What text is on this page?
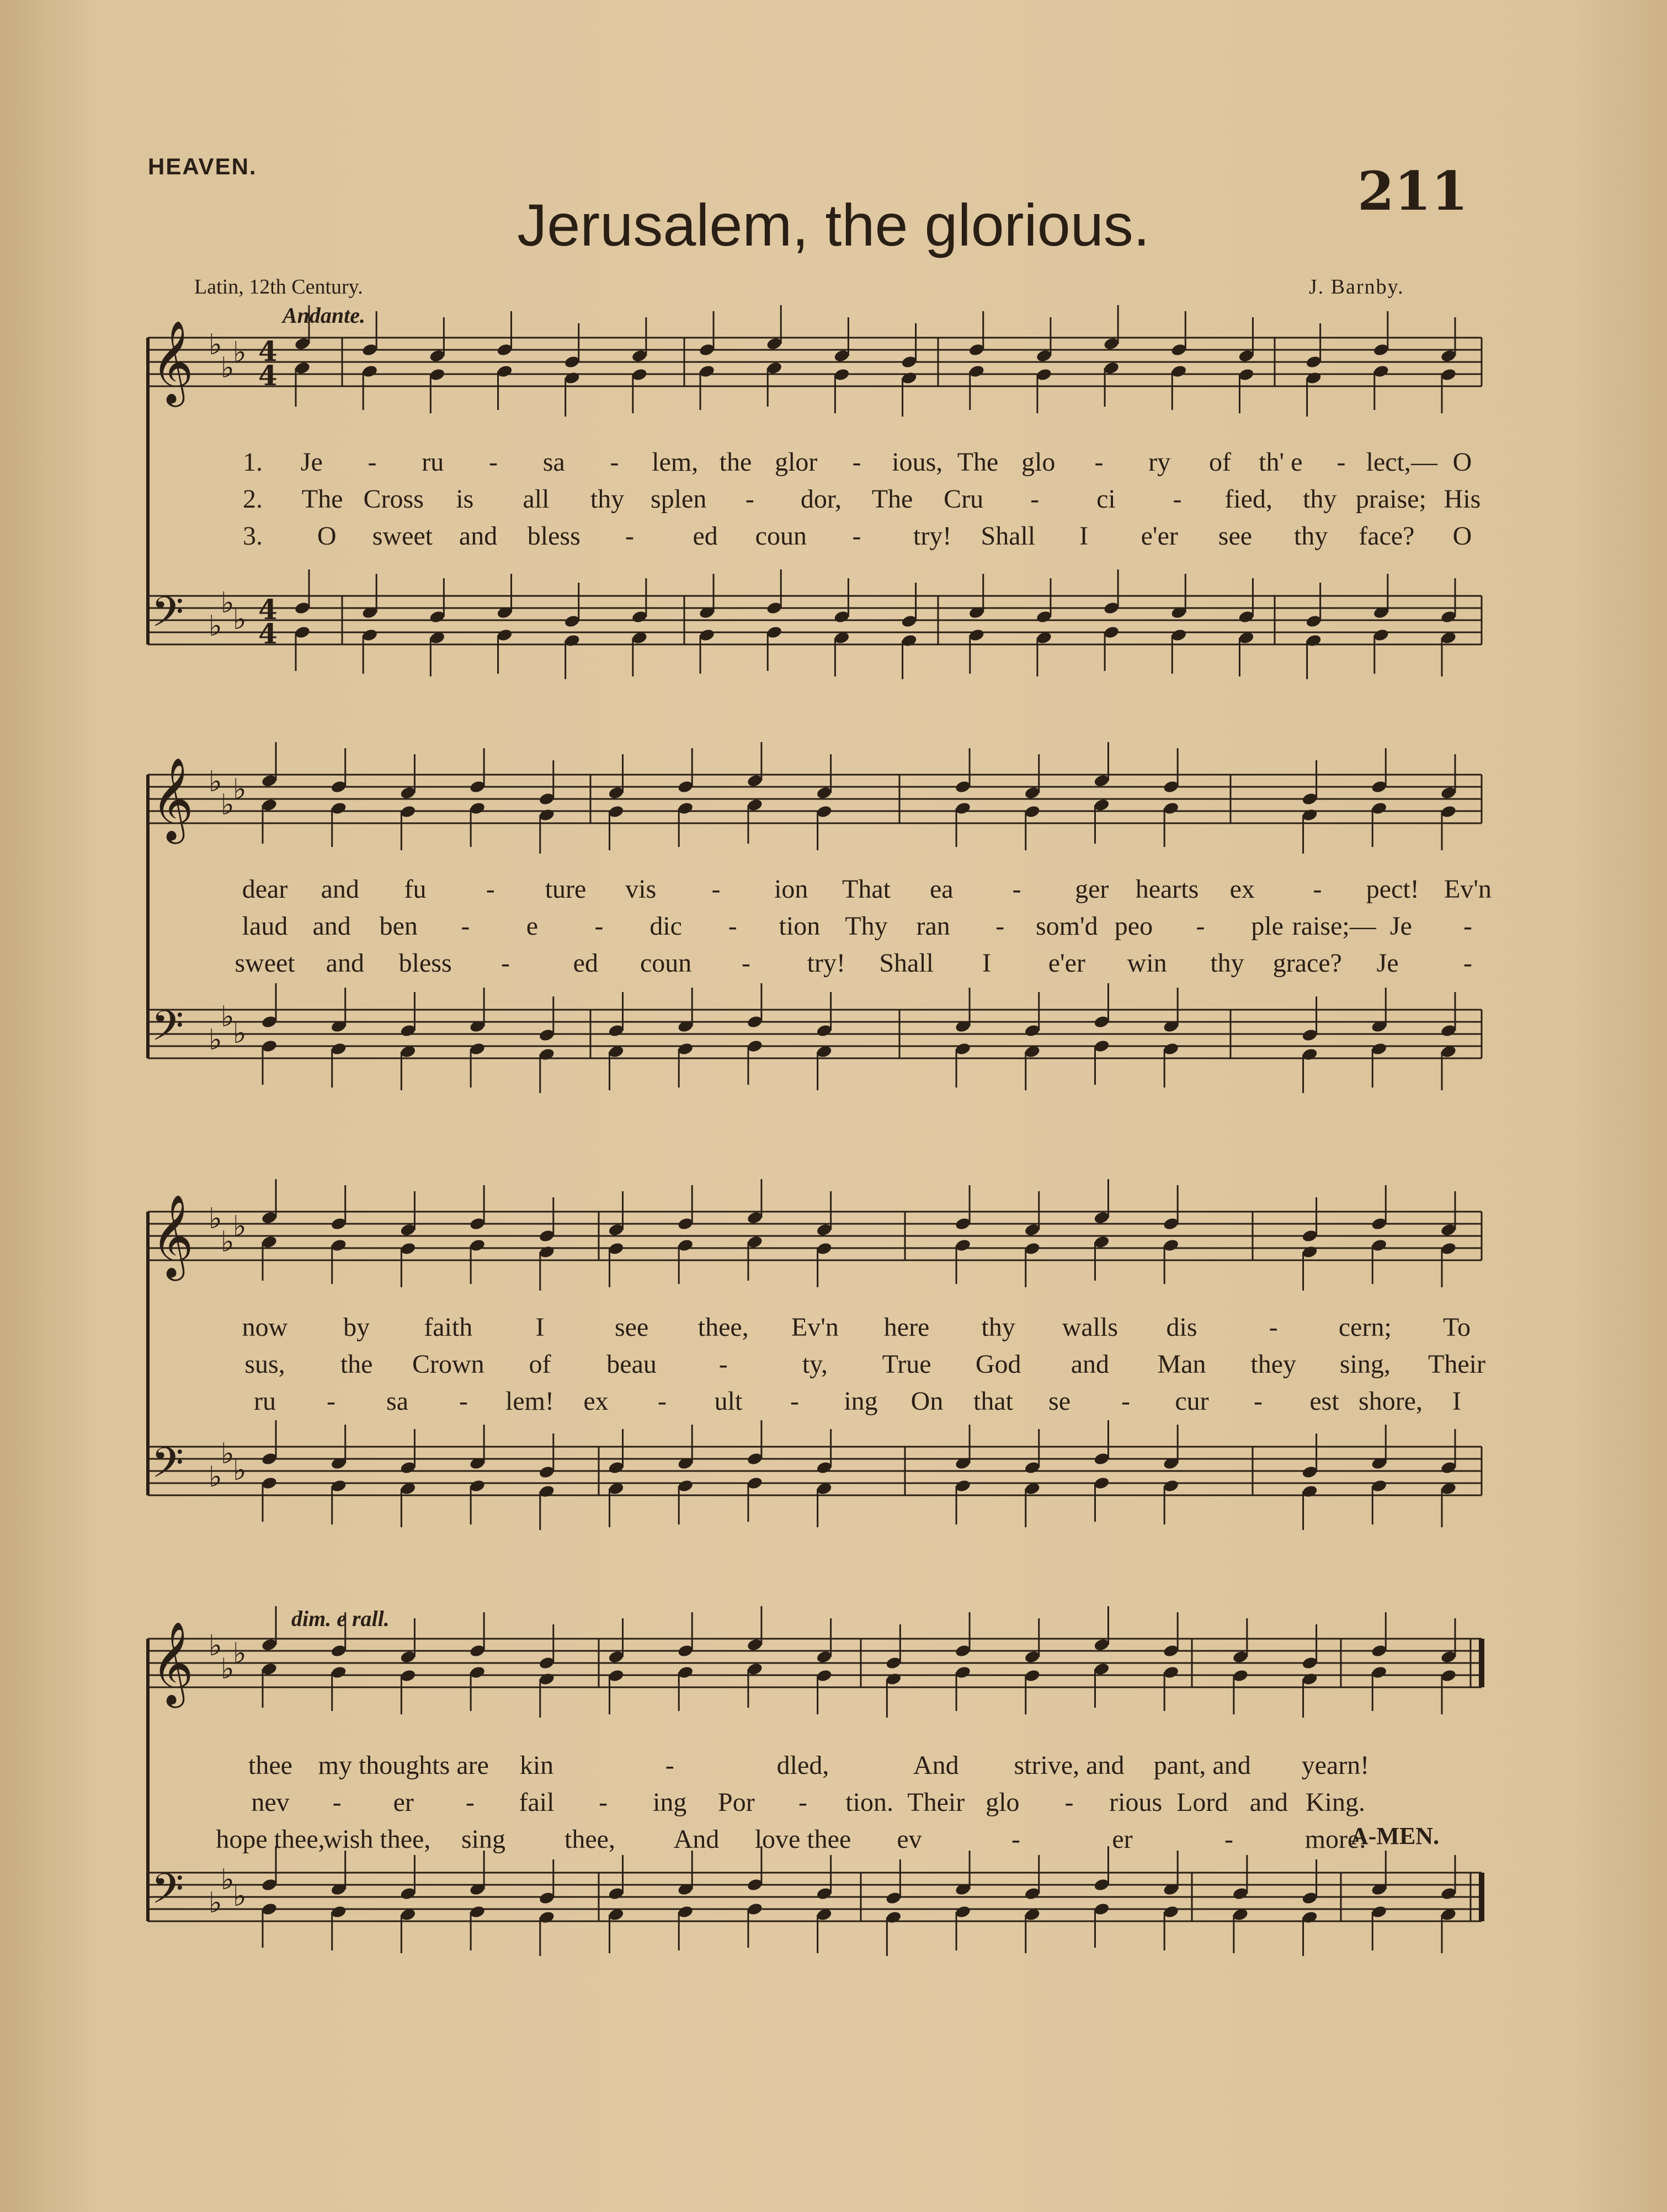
HEAVEN.	211
Jerusalem, the glorious.
Latin, 12th Century.	J. Barnby.
Andante.
dim. e rall.
𝄞 ♭
♭
♭
𝄢 ♭
♭
♭
4
4
4
4
𝄞 ♭
♭
♭
𝄢 ♭
♭
♭
𝄞 ♭
♭
♭
𝄢 ♭
♭
♭
𝄞 ♭
♭
♭
𝄢 ♭
♭
♭

1. Je - ru - sa - lem, the glor - ious, The glo - ry of th' e - lect,— O

2. The Cross is all thy splen - dor, The Cru - ci - fied, thy praise; His

3. O sweet and bless - ed coun - try! Shall I e'er see thy face? O

dear and fu - ture vis - ion That ea - ger hearts ex - pect! Ev'n

laud and ben - e - dic - tion Thy ran - som'd peo - ple raise;— Je -

sweet and bless - ed coun - try! Shall I e'er win thy grace? Je -

now by faith I	see thee, Ev'n here thy walls dis	- cern; To

sus, the Crown of beau -	ty, True God and Man they sing, Their

ru - sa - lem! ex - ult - ing On that se - cur - est shore, I

thee my thoughts are kin	-	dled,	And strive, and pant, and yearn!

nev - er - fail - ing Por - tion. Their glo - rious Lord and King.

hope thee,
wish thee, sing thee, And love thee ev	-	er	-	more.

A-MEN.
